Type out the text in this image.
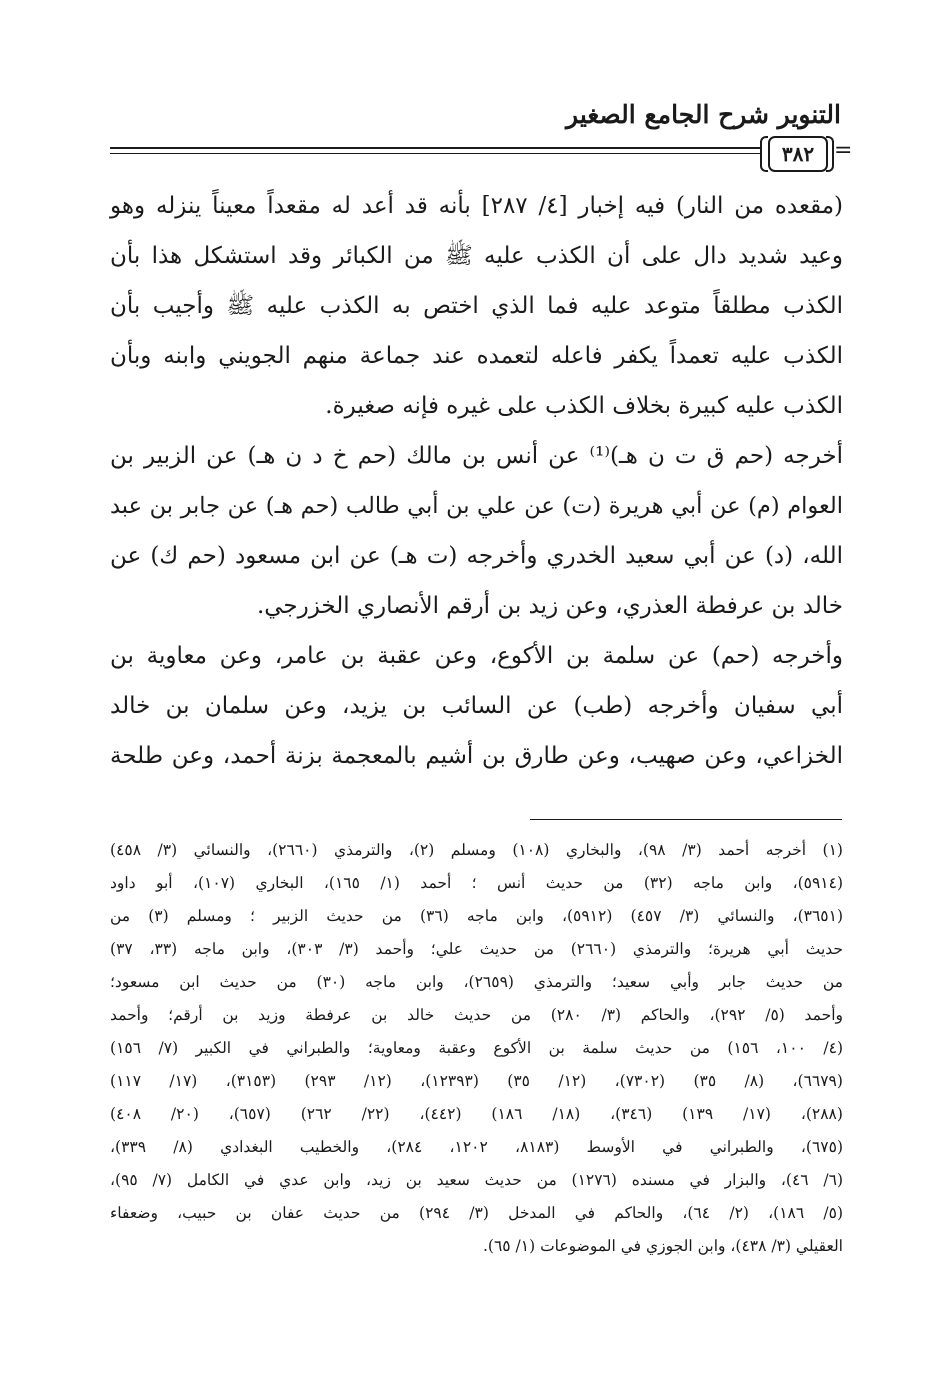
التنوير شرح الجامع الصغير
٣٨٢ =
(مقعده من النار) فيه إخبار [٤/ ٢٨٧] بأنه قد أعد له مقعداً معيناً ينزله وهو
وعيد شديد دال على أن الكذب عليه ﷺ من الكبائر وقد استشكل هذا بأن
الكذب مطلقاً متوعد عليه فما الذي اختص به الكذب عليه ﷺ وأجيب بأن
الكذب عليه تعمداً يكفر فاعله لتعمده عند جماعة منهم الجويني وابنه وبأن
الكذب عليه كبيرة بخلاف الكذب على غيره فإنه صغيرة.
أخرجه (حم ق ت ن هـ)⁽¹⁾ عن أنس بن مالك (حم خ د ن هـ) عن الزبير بن
العوام (م) عن أبي هريرة (ت) عن علي بن أبي طالب (حم هـ) عن جابر بن عبد
الله، (د) عن أبي سعيد الخدري وأخرجه (ت هـ) عن ابن مسعود (حم ك) عن
خالد بن عرفطة العذري، وعن زيد بن أرقم الأنصاري الخزرجي.
وأخرجه (حم) عن سلمة بن الأكوع، وعن عقبة بن عامر، وعن معاوية بن
أبي سفيان وأخرجه (طب) عن السائب بن يزيد، وعن سلمان بن خالد
الخزاعي، وعن صهيب، وعن طارق بن أشيم بالمعجمة بزنة أحمد، وعن طلحة
(١) أخرجه أحمد (٣/ ٩٨)، والبخاري (١٠٨) ومسلم (٢)، والترمذي (٢٦٦٠)، والنسائي (٣/ ٤٥٨)
(٥٩١٤)، وابن ماجه (٣٢) من حديث أنس ؛ أحمد (١/ ١٦٥)، البخاري (١٠٧)، أبو داود
(٣٦٥١)، والنسائي (٣/ ٤٥٧) (٥٩١٢)، وابن ماجه (٣٦) من حديث الزبير ؛ ومسلم (٣) من
حديث أبي هريرة؛ والترمذي (٢٦٦٠) من حديث علي؛ وأحمد (٣/ ٣٠٣)، وابن ماجه (٣٣، ٣٧)
من حديث جابر وأبي سعيد؛ والترمذي (٢٦٥٩)، وابن ماجه (٣٠) من حديث ابن مسعود؛
وأحمد (٥/ ٢٩٢)، والحاكم (٣/ ٢٨٠) من حديث خالد بن عرفطة وزيد بن أرقم؛ وأحمد
(٤/ ١٠٠، ١٥٦) من حديث سلمة بن الأكوع وعقبة ومعاوية؛ والطبراني في الكبير (٧/ ١٥٦)
(٦٦٧٩)، (٨/ ٣٥) (٧٣٠٢)، (١٢/ ٣٥) (١٢٣٩٣)، (١٢/ ٢٩٣) (٣١٥٣)، (١٧/ ١١٧)
(٢٨٨)، (١٧/ ١٣٩) (٣٤٦)، (١٨/ ١٨٦) (٤٤٢)، (٢٢/ ٢٦٢) (٦٥٧)، (٢٠/ ٤٠٨)
(٦٧٥)، والطبراني في الأوسط (٨١٨٣، ١٢٠٢، ٢٨٤)، والخطيب البغدادي (٨/ ٣٣٩)،
(٦/ ٤٦)، والبزار في مسنده (١٢٧٦) من حديث سعيد بن زيد، وابن عدي في الكامل (٧/ ٩٥)،
(٥/ ١٨٦)، (٢/ ٦٤)، والحاكم في المدخل (٣/ ٢٩٤) من حديث عفان بن حبيب، وضعفاء
العقيلي (٣/ ٤٣٨)، وابن الجوزي في الموضوعات (١/ ٦٥).
